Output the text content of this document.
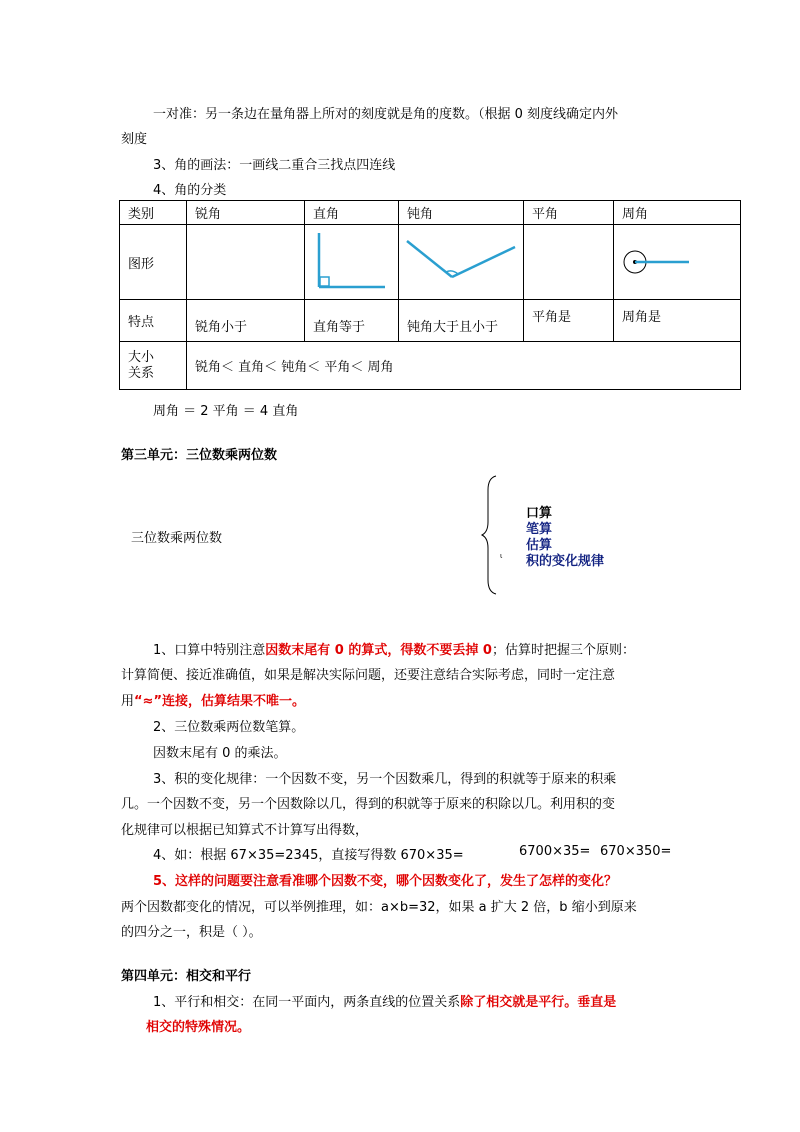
一对准：另一条边在量角器上所对的刻度就是角的度数。（根据 0 刻度线确定内外
刻度
3、角的画法：一画线二重合三找点四连线
4、角的分类
类别	锐角	直角	钝角	平角	周角
图形		

特点	锐角小于	直角等于	钝角大于且小于	平角是	周角是
大小
关系	锐角＜ 直角＜ 钝角＜ 平角＜ 周角				
周角 ＝ 2 平角 ＝ 4 直角
第三单元：三位数乘两位数
三位数乘两位数
ι
口算
笔算
估算
积的变化规律
1、口算中特别注意因数末尾有 0 的算式，得数不要丢掉 0；估算时把握三个原则：
计算简便、接近准确值，如果是解决实际问题，还要注意结合实际考虑，同时一定注意
用“≈”连接，估算结果不唯一。
2、三位数乘两位数笔算。
因数末尾有 0 的乘法。
3、积的变化规律：一个因数不变，另一个因数乘几，得到的积就等于原来的积乘
几。一个因数不变，另一个因数除以几，得到的积就等于原来的积除以几。利用积的变
化规律可以根据已知算式不计算写出得数，
4、如：根据 67×35=2345，直接写得数 670×35=	6700×35= 670×350=
5、这样的问题要注意看准哪个因数不变，哪个因数变化了，发生了怎样的变化？
两个因数都变化的情况，可以举例推理，如：a×b=32，如果 a 扩大 2 倍，b 缩小到原来
的四分之一，积是（ ）。
第四单元：相交和平行
1、平行和相交：在同一平面内，两条直线的位置关系除了相交就是平行。垂直是
相交的特殊情况。
